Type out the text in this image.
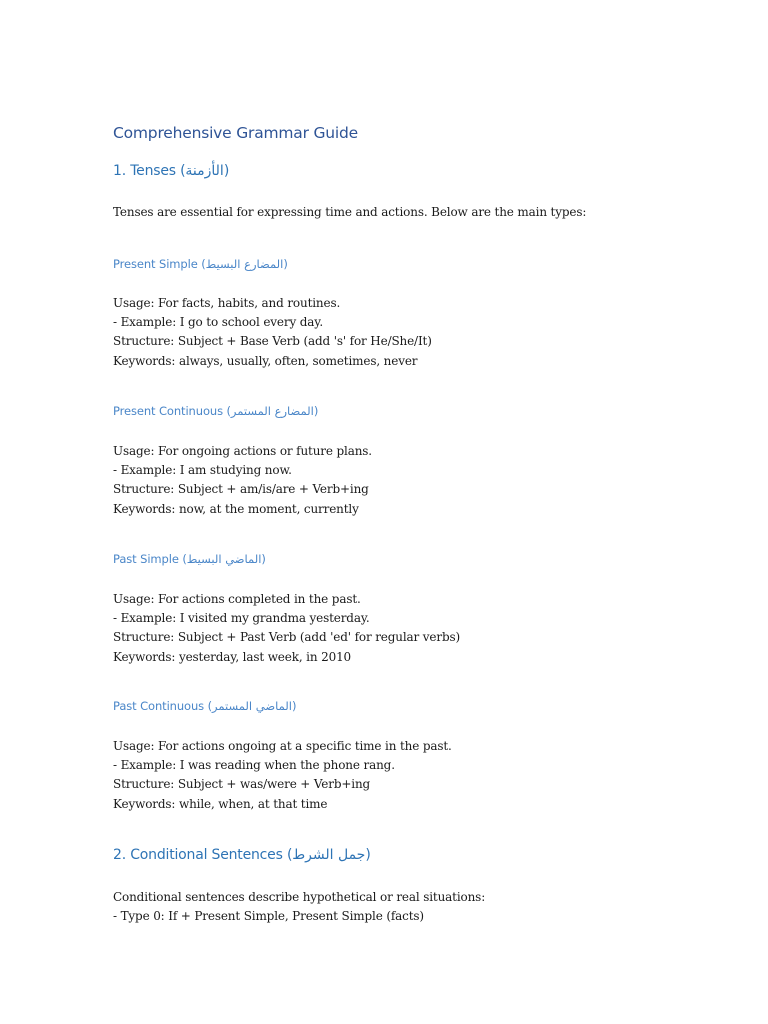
Comprehensive Grammar Guide
1. Tenses (الأزمنة)

Tenses are essential for expressing time and actions. Below are the main types:

Present Simple (المضارع البسيط)
Usage: For facts, habits, and routines.
- Example: I go to school every day.
Structure: Subject + Base Verb (add 's' for He/She/It)
Keywords: always, usually, often, sometimes, never
Present Continuous (المضارع المستمر)
Usage: For ongoing actions or future plans.
- Example: I am studying now.
Structure: Subject + am/is/are + Verb+ing
Keywords: now, at the moment, currently
Past Simple (الماضي البسيط)
Usage: For actions completed in the past.
- Example: I visited my grandma yesterday.
Structure: Subject + Past Verb (add 'ed' for regular verbs)
Keywords: yesterday, last week, in 2010
Past Continuous (الماضي المستمر)
Usage: For actions ongoing at a specific time in the past.
- Example: I was reading when the phone rang.
Structure: Subject + was/were + Verb+ing
Keywords: while, when, at that time
2. Conditional Sentences (جمل الشرط)
Conditional sentences describe hypothetical or real situations:
- Type 0: If + Present Simple, Present Simple (facts)
